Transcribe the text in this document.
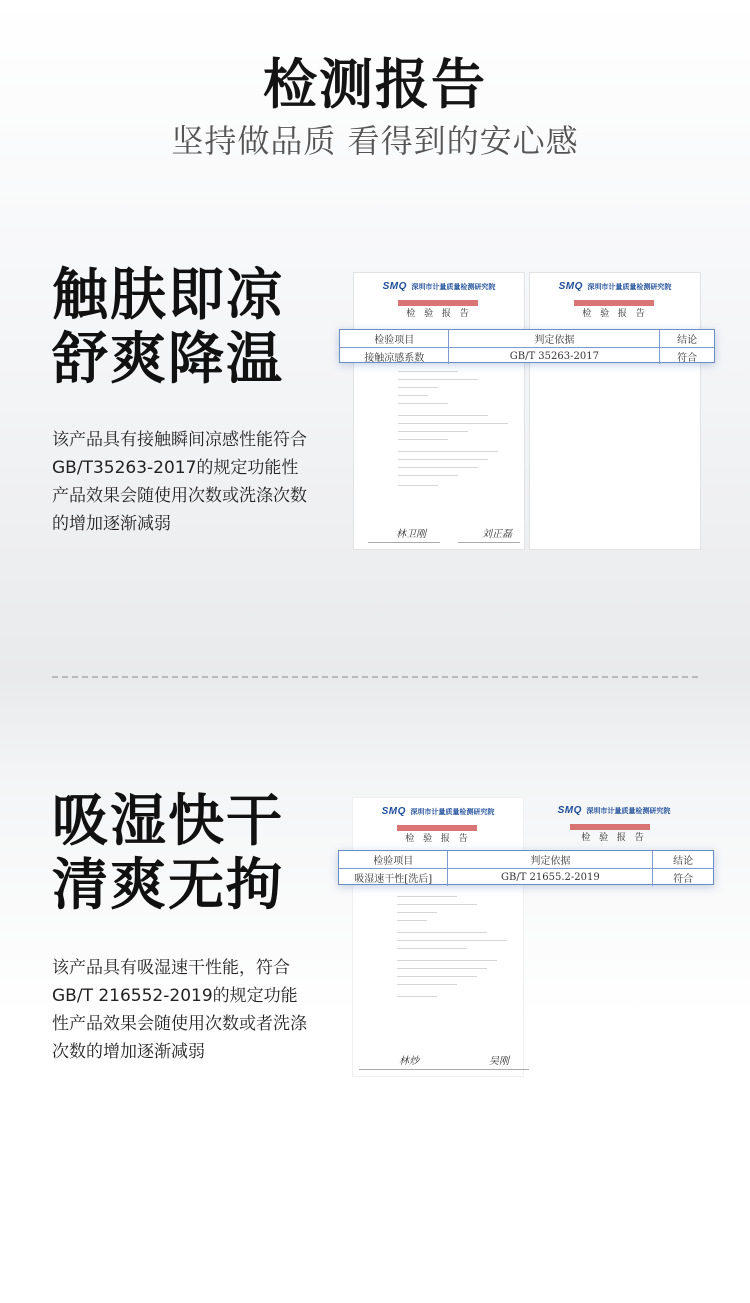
检测报告
坚持做品质 看得到的安心感
触肤即凉
舒爽降温
该产品具有接触瞬间凉感性能符合GB/T35263-2017的规定功能性产品效果会随使用次数或洗涤次数的增加逐渐减弱
SMQ 深圳市计量质量检测研究院
检 验 报 告
林卫刚	刘正磊
SMQ 深圳市计量质量检测研究院
检 验 报 告
检验项目	判定依据	结论
接触凉感系数	GB/T 35263-2017	符合
吸湿快干
清爽无拘
该产品具有吸湿速干性能，符合GB/T 216552-2019的规定功能性产品效果会随使用次数或者洗涤次数的增加逐渐减弱
SMQ 深圳市计量质量检测研究院
检 验 报 告
林炒	吴刚
SMQ 深圳市计量质量检测研究院
检 验 报 告
检验项目	判定依据	结论
吸湿速干性[洗后]	GB/T 21655.2-2019	符合
